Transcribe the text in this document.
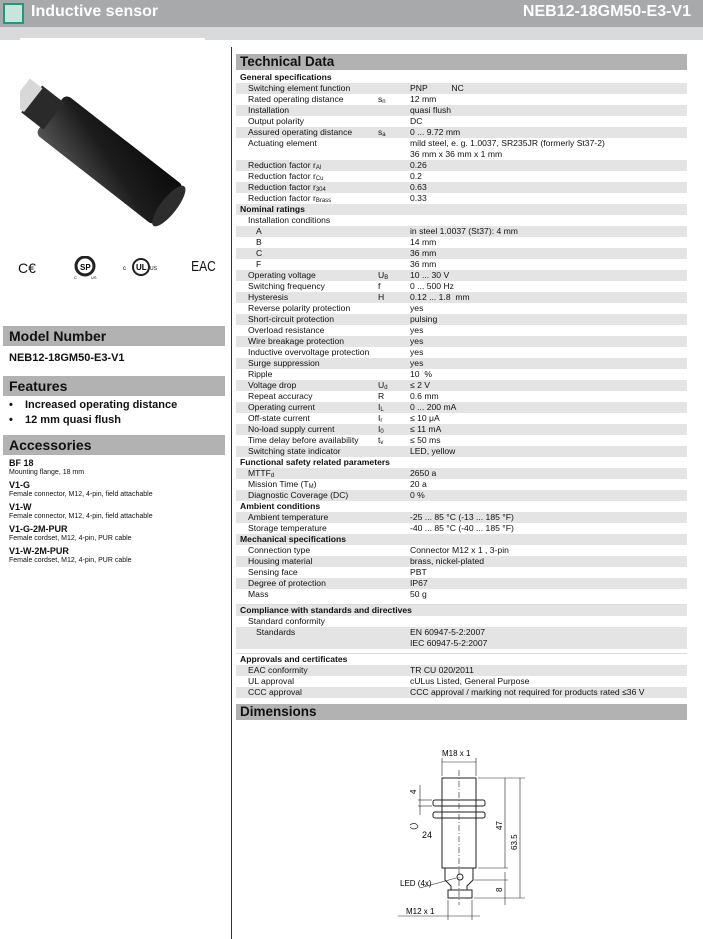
Inductive sensor	NEB12-18GM50-E3-V1
C€	SP
C	US
c UL US EAC
Model Number
NEB12-18GM50-E3-V1
Features
• Increased operating distance
• 12 mm quasi flush
Accessories
BF 18
Mounting flange, 18 mm
V1-G
Female connector, M12, 4-pin, field attachable
V1-W
Female connector, M12, 4-pin, field attachable
V1-G-2M-PUR
Female cordset, M12, 4-pin, PUR cable
V1-W-2M-PUR
Female cordset, M12, 4-pin, PUR cable
Technical Data
General specifications
Switching element function	PNP          NC
Rated operating distance	$s_n$	12 mm
Installation	quasi flush
Output polarity	DC
Assured operating distance	$s_a$	0 ... 9.72 mm
Actuating element	mild steel, e. g. 1.0037, SR235JR (formerly St37-2)
36 mm x 36 mm x 1 mm
Reduction factor $r_{Al}$	0.26
Reduction factor $r_{Cu}$	0.2
Reduction factor $r_{304}$	0.63
Reduction factor $r_{Brass}$	0.33
Nominal ratings
Installation conditions
A	in steel 1.0037 (St37): 4 mm
B	14 mm
C	36 mm
F	36 mm
Operating voltage	$U_B$	10 ... 30 V
Switching frequency	f	0 ... 500 Hz
Hysteresis	H	0.12 ... 1.8  mm
Reverse polarity protection	yes
Short-circuit protection	pulsing
Overload resistance	yes
Wire breakage protection	yes
Inductive overvoltage protection	yes
Surge suppression	yes
Ripple	10  %
Voltage drop	$U_d$	≤ 2 V
Repeat accuracy	R	0.6 mm
Operating current	$I_L$	0 ... 200 mA
Off-state current	$I_r$	≤ 10 μA
No-load supply current	$I_0$	≤ 11 mA
Time delay before availability	$t_v$	≤ 50 ms
Switching state indicator	LED, yellow
Functional safety related parameters
$MTTF_d$	2650 a
Mission Time $(T_M)$	20 a
Diagnostic Coverage (DC)	0 %
Ambient conditions
Ambient temperature	-25 ... 85 °C (-13 ... 185 °F)
Storage temperature	-40 ... 85 °C (-40 ... 185 °F)
Mechanical specifications
Connection type	Connector M12 x 1 , 3-pin
Housing material	brass, nickel-plated
Sensing face	PBT
Degree of protection	IP67
Mass	50 g
Compliance with standards and directives
Standard conformity
Standards	EN 60947-5-2:2007
IEC 60947-5-2:2007
Approvals and certificates
EAC conformity	TR CU 020/2011
UL approval	cULus Listed, General Purpose
CCC approval	CCC approval / marking not required for products rated ≤36 V
Dimensions
M18 x 1
4
24
47
63.5
LED (4x)
8
M12 x 1
